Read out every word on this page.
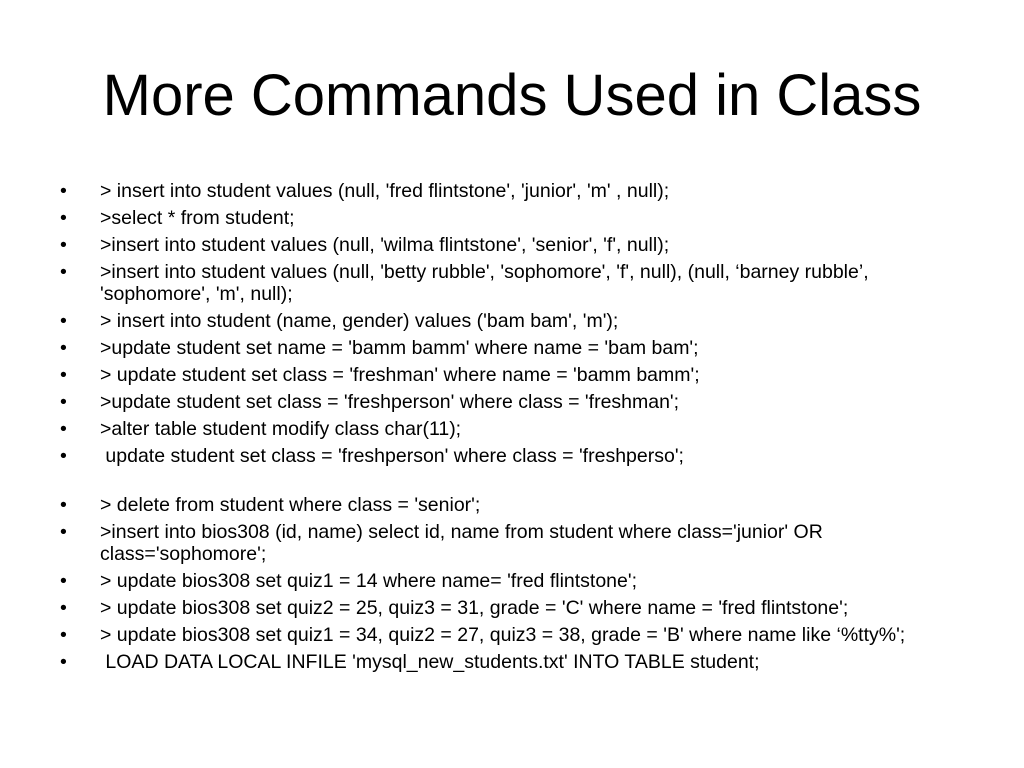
More Commands Used in Class
• > insert into student values (null, 'fred flintstone', 'junior', 'm' , null);
• >select * from student;
• >insert into student values (null, 'wilma flintstone', 'senior', 'f', null);
• >insert into student values (null, 'betty rubble', 'sophomore', 'f', null), (null, ‘barney rubble’, 'sophomore', 'm', null);
• > insert into student (name, gender) values ('bam bam', 'm');
• >update student set name = 'bamm bamm' where name = 'bam bam';
• > update student set class = 'freshman' where name = 'bamm bamm';
• >update student set class = 'freshperson' where class = 'freshman';
• >alter table student modify class char(11);
• update student set class = 'freshperson' where class = 'freshperso';
• > delete from student where class = 'senior';
• >insert into bios308 (id, name) select id, name from student where class='junior' OR class='sophomore';
• > update bios308 set quiz1 = 14 where name= 'fred flintstone';
• > update bios308 set quiz2 = 25, quiz3 = 31, grade = 'C' where name = 'fred flintstone';
• > update bios308 set quiz1 = 34, quiz2 = 27, quiz3 = 38, grade = 'B' where name like ‘%tty%';
• LOAD DATA LOCAL INFILE 'mysql_new_students.txt' INTO TABLE student;
